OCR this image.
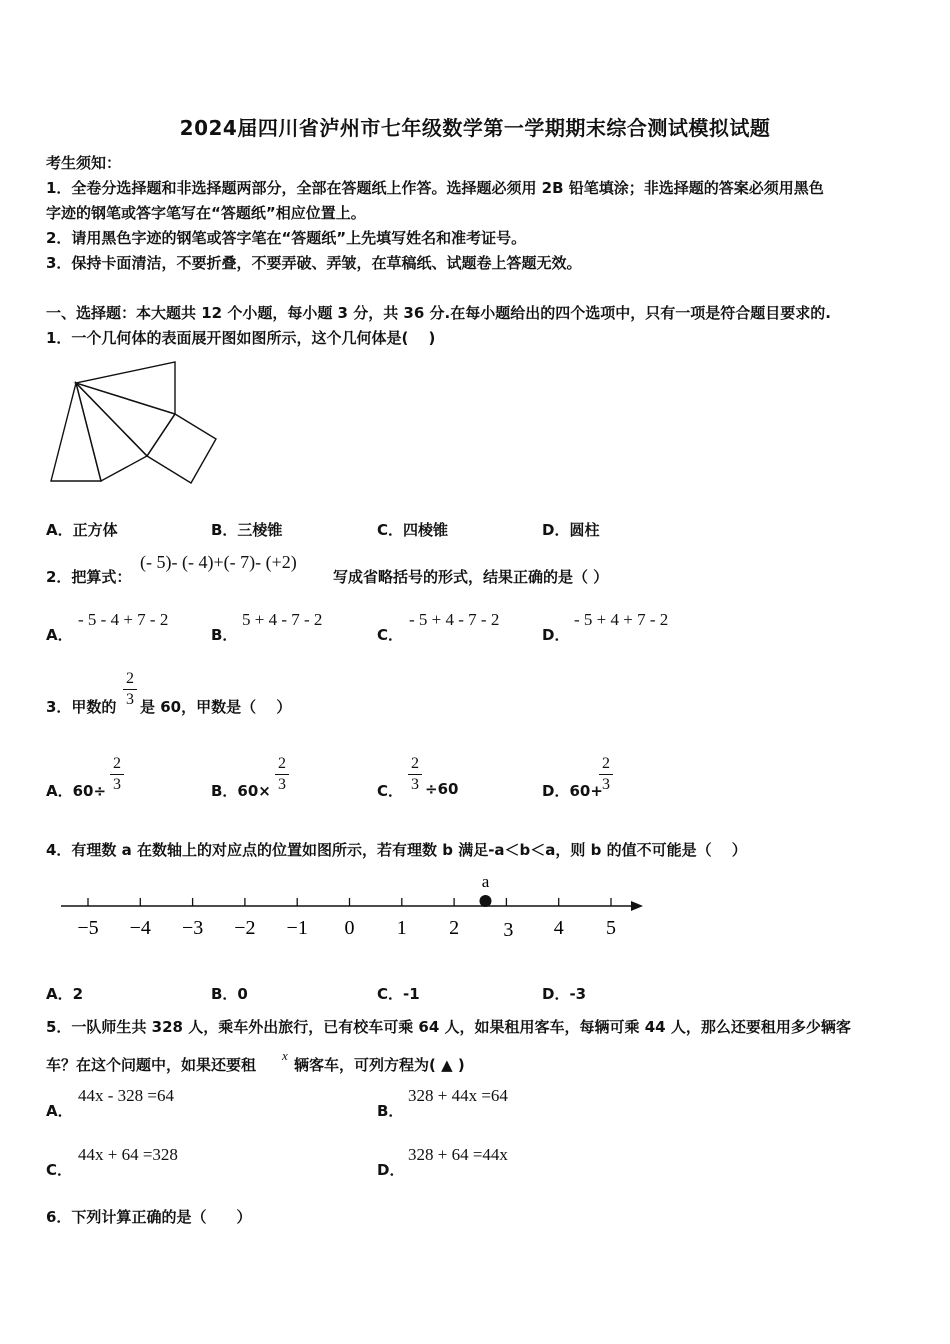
2024届四川省泸州市七年级数学第一学期期末综合测试模拟试题
考生须知：
1．全卷分选择题和非选择题两部分，全部在答题纸上作答。选择题必须用 2B 铅笔填涂；非选择题的答案必须用黑色
字迹的钢笔或答字笔写在“答题纸”相应位置上。
2．请用黑色字迹的钢笔或答字笔在“答题纸”上先填写姓名和准考证号。
3．保持卡面清洁，不要折叠，不要弄破、弄皱，在草稿纸、试题卷上答题无效。
一、选择题：本大题共 12 个小题，每小题 3 分，共 36 分.在每小题给出的四个选项中，只有一项是符合题目要求的.
1．一个几何体的表面展开图如图所示，这个几何体是(　 )
A．正方体	B．三棱锥	C．四棱锥	D．圆柱
2．把算式：
(- 5)- (- 4)+(- 7)- (+2)
写成省略括号的形式，结果正确的是（ ）
A．
- 5 - 4 + 7 - 2
B．
5 + 4 - 7 - 2
C．
- 5 + 4 - 7 - 2
D．
- 5 + 4 + 7 - 2
3．甲数的
2
3 是 60，甲数是（　 ）
A．60÷
2
3	B．60×
2
3	C．
2
3 ÷60	D．60+
2
3
4．有理数 a 在数轴上的对应点的位置如图所示，若有理数 b 满足-a＜b＜a，则 b 的值不可能是（　 ）
−5 −4 −3 −2 −1 0 1 2 3 4 5
a
A．2	B．0	C．-1	D．-3
5．一队师生共 328 人，乘车外出旅行，已有校车可乘 64 人，如果租用客车，每辆可乘 44 人，那么还要租用多少辆客
车？在这个问题中，如果还要租
x
辆客车，可列方程为( ▲ )
A．
44x - 328 =64
B．
328 + 44x =64
C．
44x + 64 =328
D．
328 + 64 =44x
6．下列计算正确的是（　　）
